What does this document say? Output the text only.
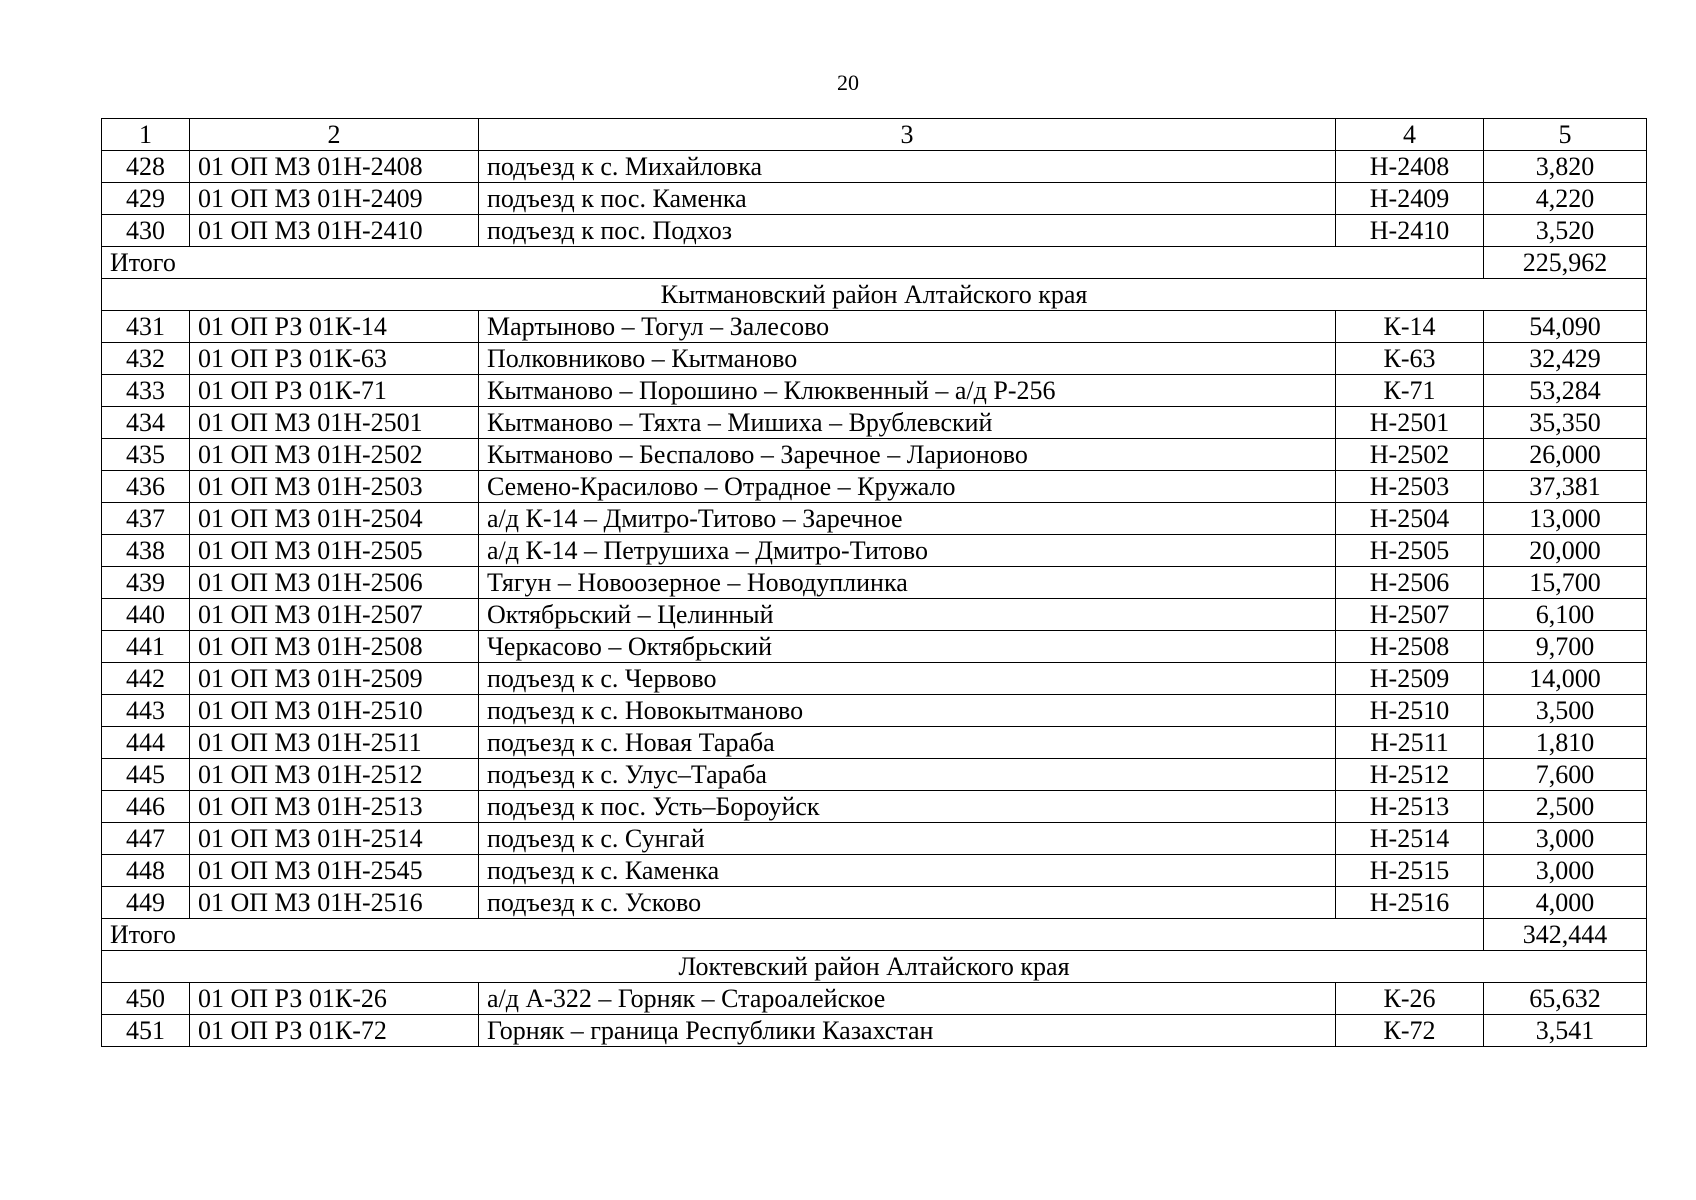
20
1	2	3	4	5
428	01 ОП МЗ 01Н-2408	подъезд к с. Михайловка	Н-2408	3,820
429	01 ОП МЗ 01Н-2409	подъезд к пос. Каменка	Н-2409	4,220
430	01 ОП МЗ 01Н-2410	подъезд к пос. Подхоз	Н-2410	3,520
Итого				225,962
Кытмановский район Алтайского края				
431	01 ОП РЗ 01К-14	Мартыново – Тогул – Залесово	К-14	54,090
432	01 ОП РЗ 01К-63	Полковниково – Кытманово	К-63	32,429
433	01 ОП РЗ 01К-71	Кытманово – Порошино – Клюквенный – а/д Р-256	К-71	53,284
434	01 ОП МЗ 01Н-2501	Кытманово – Тяхта – Мишиха – Врублевский	Н-2501	35,350
435	01 ОП МЗ 01Н-2502	Кытманово – Беспалово – Заречное – Ларионово	Н-2502	26,000
436	01 ОП МЗ 01Н-2503	Семено-Красилово – Отрадное – Кружало	Н-2503	37,381
437	01 ОП МЗ 01Н-2504	а/д К-14 – Дмитро-Титово – Заречное	Н-2504	13,000
438	01 ОП МЗ 01Н-2505	а/д К-14 – Петрушиха – Дмитро-Титово	Н-2505	20,000
439	01 ОП МЗ 01Н-2506	Тягун – Новоозерное – Новодуплинка	Н-2506	15,700
440	01 ОП МЗ 01Н-2507	Октябрьский – Целинный	Н-2507	6,100
441	01 ОП МЗ 01Н-2508	Черкасово – Октябрьский	Н-2508	9,700
442	01 ОП МЗ 01Н-2509	подъезд к с. Червово	Н-2509	14,000
443	01 ОП МЗ 01Н-2510	подъезд к с. Новокытманово	Н-2510	3,500
444	01 ОП МЗ 01Н-2511	подъезд к с. Новая Тараба	Н-2511	1,810
445	01 ОП МЗ 01Н-2512	подъезд к с. Улус–Тараба	Н-2512	7,600
446	01 ОП МЗ 01Н-2513	подъезд к пос. Усть–Бороуйск	Н-2513	2,500
447	01 ОП МЗ 01Н-2514	подъезд к с. Сунгай	Н-2514	3,000
448	01 ОП МЗ 01Н-2545	подъезд к с. Каменка	Н-2515	3,000
449	01 ОП МЗ 01Н-2516	подъезд к с. Усково	Н-2516	4,000
Итого				342,444
Локтевский район Алтайского края				
450	01 ОП РЗ 01К-26	а/д А-322 – Горняк – Староалейское	К-26	65,632
451	01 ОП РЗ 01К-72	Горняк – граница Республики Казахстан	К-72	3,541
